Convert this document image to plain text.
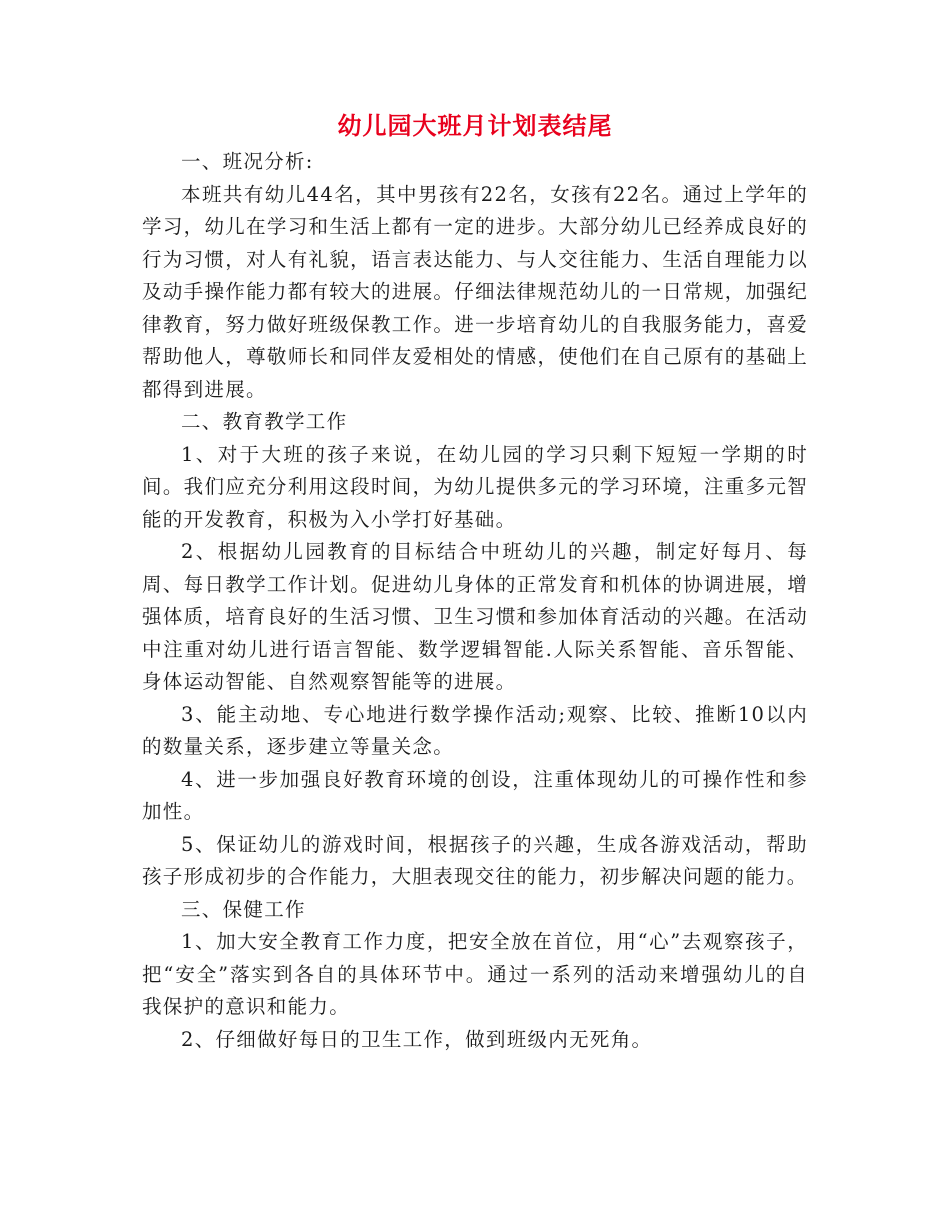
幼儿园大班月计划表结尾

一、班况分析:

本班共有幼儿44名，其中男孩有22名，女孩有22名。通过上学年的学习，幼儿在学习和生活上都有一定的进步。大部分幼儿已经养成良好的行为习惯，对人有礼貌，语言表达能力、与人交往能力、生活自理能力以及动手操作能力都有较大的进展。仔细法律规范幼儿的一日常规，加强纪律教育，努力做好班级保教工作。进一步培育幼儿的自我服务能力，喜爱帮助他人，尊敬师长和同伴友爱相处的情感，使他们在自己原有的基础上都得到进展。

二、教育教学工作

1、对于大班的孩子来说，在幼儿园的学习只剩下短短一学期的时间。我们应充分利用这段时间，为幼儿提供多元的学习环境，注重多元智能的开发教育，积极为入小学打好基础。

2、根据幼儿园教育的目标结合中班幼儿的兴趣，制定好每月、每周、每日教学工作计划。促进幼儿身体的正常发育和机体的协调进展，增强体质，培育良好的生活习惯、卫生习惯和参加体育活动的兴趣。在活动中注重对幼儿进行语言智能、数学逻辑智能.人际关系智能、音乐智能、身体运动智能、自然观察智能等的进展。

3、能主动地、专心地进行数学操作活动;观察、比较、推断10以内的数量关系，逐步建立等量关念。

4、进一步加强良好教育环境的创设，注重体现幼儿的可操作性和参加性。

5、保证幼儿的游戏时间，根据孩子的兴趣，生成各游戏活动，帮助孩子形成初步的合作能力，大胆表现交往的能力，初步解决问题的能力。

三、保健工作

1、加大安全教育工作力度，把安全放在首位，用“心”去观察孩子，把“安全”落实到各自的具体环节中。通过一系列的活动来增强幼儿的自我保护的意识和能力。

2、仔细做好每日的卫生工作，做到班级内无死角。
